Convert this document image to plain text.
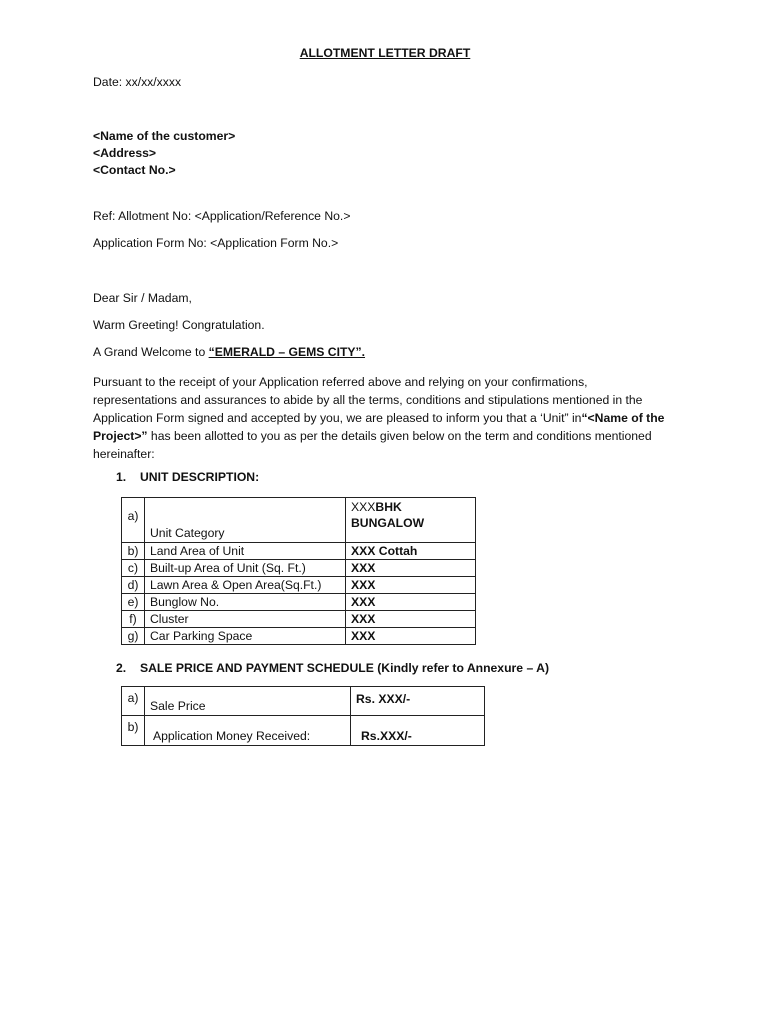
ALLOTMENT LETTER DRAFT
Date: xx/xx/xxxx
<Name of the customer>
<Address>
<Contact No.>
Ref: Allotment No: <Application/Reference No.>
Application Form No: <Application Form No.>
Dear Sir / Madam,
Warm Greeting! Congratulation.
A Grand Welcome to “EMERALD – GEMS CITY”.
Pursuant to the receipt of your Application referred above and relying on your confirmations, representations and assurances to abide by all the terms, conditions and stipulations mentioned in the Application Form signed and accepted by you, we are pleased to inform you that a ‘Unit” in“<Name of the Project>” has been allotted to you as per the details given below on the term and conditions mentioned hereinafter:
1. UNIT DESCRIPTION:
a)	Unit Category	XXXBHK BUNGALOW
b)	Land Area of Unit	XXX Cottah
c)	Built-up Area of Unit (Sq. Ft.)	XXX
d)	Lawn Area & Open Area(Sq.Ft.)	XXX
e)	Bunglow No.	XXX
f)	Cluster	XXX
g)	Car Parking Space	XXX
2. SALE PRICE AND PAYMENT SCHEDULE (Kindly refer to Annexure – A)
a)	Sale Price	Rs. XXX/-
b)	Application Money Received:	Rs.XXX/-
